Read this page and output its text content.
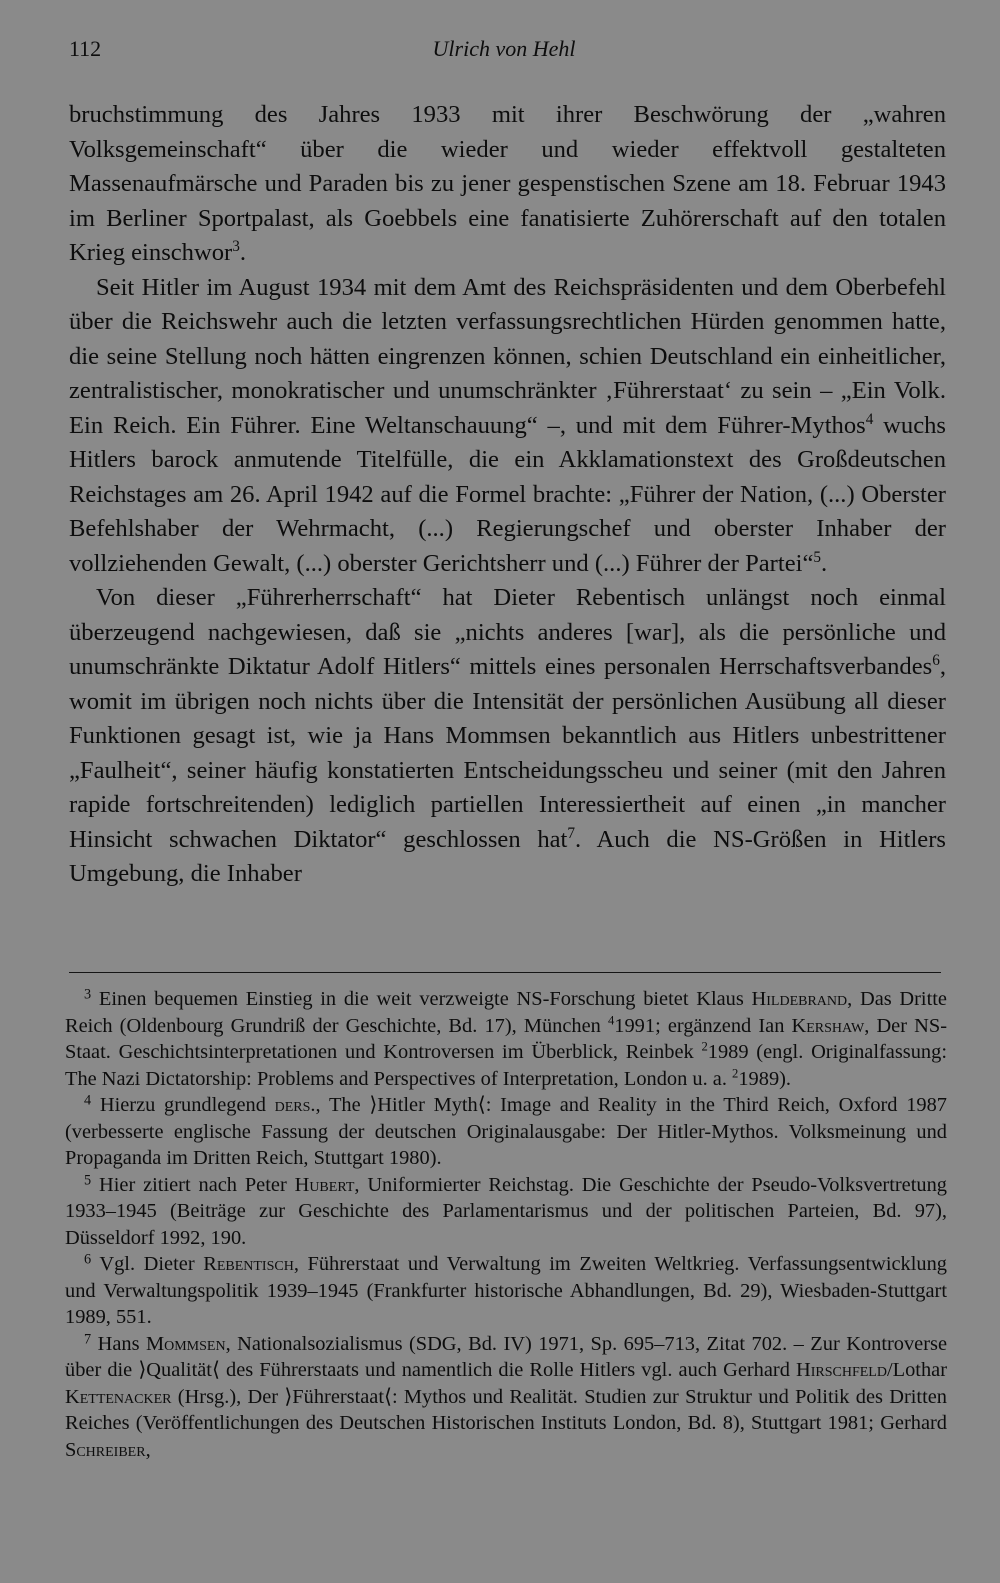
112	Ulrich von Hehl

bruchstimmung des Jahres 1933 mit ihrer Beschwörung der „wahren Volksgemeinschaft“ über die wieder und wieder effektvoll gestalteten Massenaufmärsche und Paraden bis zu jener gespenstischen Szene am 18. Februar 1943 im Berliner Sportpalast, als Goebbels eine fanatisierte Zuhörerschaft auf den totalen Krieg einschwor$^3$.

Seit Hitler im August 1934 mit dem Amt des Reichspräsidenten und dem Oberbefehl über die Reichswehr auch die letzten verfassungsrechtlichen Hürden genommen hatte, die seine Stellung noch hätten eingrenzen können, schien Deutschland ein einheitlicher, zentralistischer, monokratischer und unumschränkter ‚Führerstaat‘ zu sein – „Ein Volk. Ein Reich. Ein Führer. Eine Weltanschauung“ –, und mit dem Führer-Mythos$^4$ wuchs Hitlers barock anmutende Titelfülle, die ein Akklamationstext des Großdeutschen Reichstages am 26. April 1942 auf die Formel brachte: „Führer der Nation, (...) Oberster Befehlshaber der Wehrmacht, (...) Regierungschef und oberster Inhaber der vollziehenden Gewalt, (...) oberster Gerichtsherr und (...) Führer der Partei“$^5$.

Von dieser „Führerherrschaft“ hat Dieter Rebentisch unlängst noch einmal überzeugend nachgewiesen, daß sie „nichts anderes [war], als die persönliche und unumschränkte Diktatur Adolf Hitlers“ mittels eines personalen Herrschaftsverbandes$^6$, womit im übrigen noch nichts über die Intensität der persönlichen Ausübung all dieser Funktionen gesagt ist, wie ja Hans Mommsen bekanntlich aus Hitlers unbestrittener „Faulheit“, seiner häufig konstatierten Entscheidungsscheu und seiner (mit den Jahren rapide fortschreitenden) lediglich partiellen Interessiertheit auf einen „in mancher Hinsicht schwachen Diktator“ geschlossen hat$^7$. Auch die NS-Größen in Hitlers Umgebung, die Inhaber

$^3$ Einen bequemen Einstieg in die weit verzweigte NS-Forschung bietet Klaus Hildebrand, Das Dritte Reich (Oldenbourg Grundriß der Geschichte, Bd. 17), München $^4$1991; ergänzend Ian Kershaw, Der NS-Staat. Geschichtsinterpretationen und Kontroversen im Überblick, Reinbek $^2$1989 (engl. Originalfassung: The Nazi Dictatorship: Problems and Perspectives of Interpretation, London u. a. $^2$1989).

$^4$ Hierzu grundlegend ders., The ⟩Hitler Myth⟨: Image and Reality in the Third Reich, Oxford 1987 (verbesserte englische Fassung der deutschen Originalausgabe: Der Hitler-Mythos. Volksmeinung und Propaganda im Dritten Reich, Stuttgart 1980).

$^5$ Hier zitiert nach Peter Hubert, Uniformierter Reichstag. Die Geschichte der Pseudo-Volksvertretung 1933–1945 (Beiträge zur Geschichte des Parlamentarismus und der politischen Parteien, Bd. 97), Düsseldorf 1992, 190.

$^6$ Vgl. Dieter Rebentisch, Führerstaat und Verwaltung im Zweiten Weltkrieg. Verfassungsentwicklung und Verwaltungspolitik 1939–1945 (Frankfurter historische Abhandlungen, Bd. 29), Wiesbaden-Stuttgart 1989, 551.

$^7$ Hans Mommsen, Nationalsozialismus (SDG, Bd. IV) 1971, Sp. 695–713, Zitat 702. – Zur Kontroverse über die ⟩Qualität⟨ des Führerstaats und namentlich die Rolle Hitlers vgl. auch Gerhard Hirschfeld/Lothar Kettenacker (Hrsg.), Der ⟩Führerstaat⟨: Mythos und Realität. Studien zur Struktur und Politik des Dritten Reiches (Veröffentlichungen des Deutschen Historischen Instituts London, Bd. 8), Stuttgart 1981; Gerhard Schreiber,
